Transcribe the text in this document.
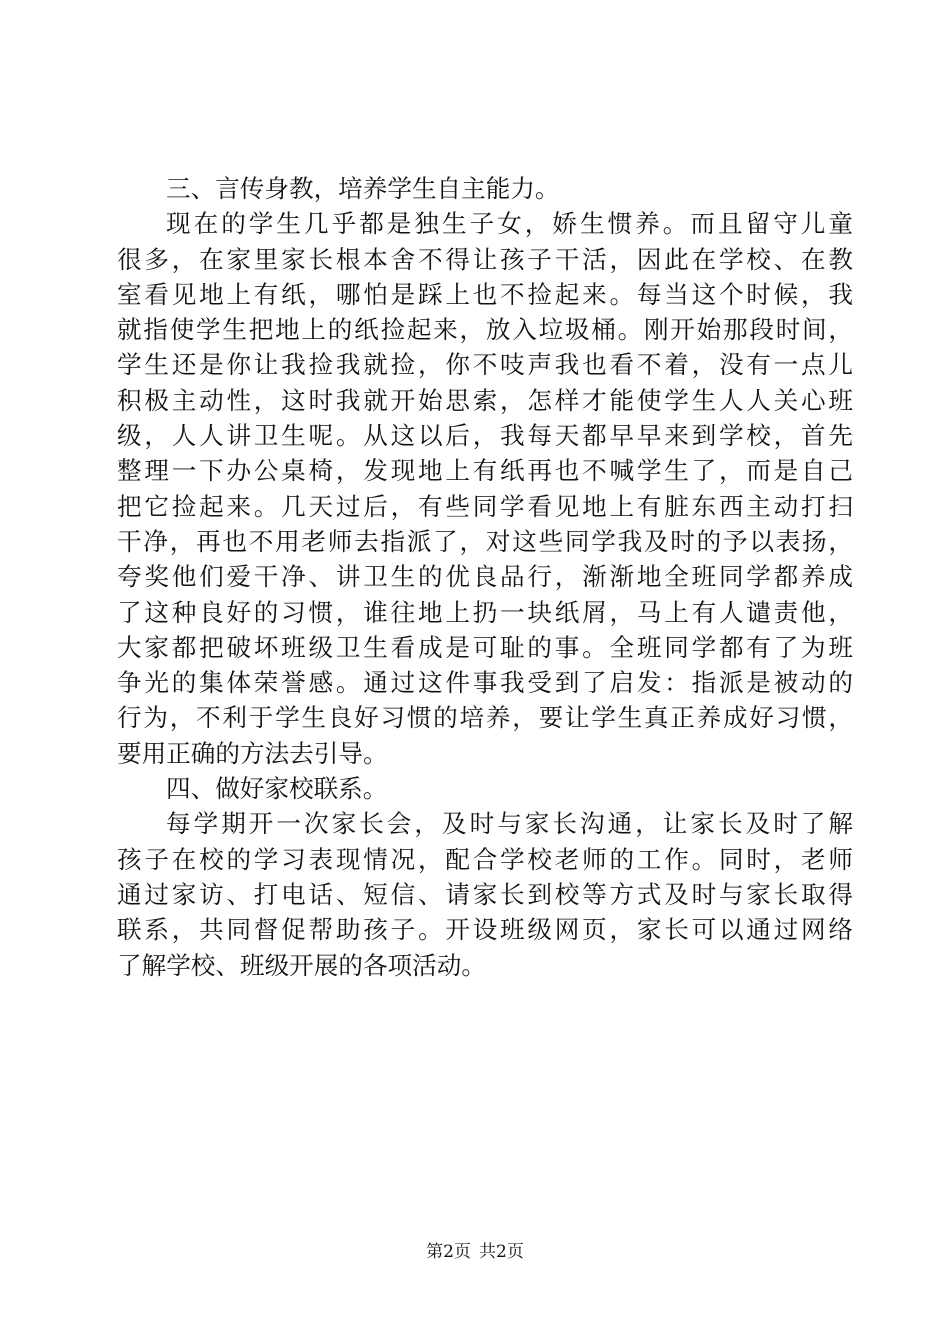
三、言传身教，培养学生自主能力。
现在的学生几乎都是独生子女，娇生惯养。而且留守儿童
很多，在家里家长根本舍不得让孩子干活，因此在学校、在教
室看见地上有纸，哪怕是踩上也不捡起来。每当这个时候，我
就指使学生把地上的纸捡起来，放入垃圾桶。刚开始那段时间，
学生还是你让我捡我就捡，你不吱声我也看不着，没有一点儿
积极主动性，这时我就开始思索，怎样才能使学生人人关心班
级，人人讲卫生呢。从这以后，我每天都早早来到学校，首先
整理一下办公桌椅，发现地上有纸再也不喊学生了，而是自己
把它捡起来。几天过后，有些同学看见地上有脏东西主动打扫
干净，再也不用老师去指派了，对这些同学我及时的予以表扬，
夸奖他们爱干净、讲卫生的优良品行，渐渐地全班同学都养成
了这种良好的习惯，谁往地上扔一块纸屑，马上有人谴责他，
大家都把破坏班级卫生看成是可耻的事。全班同学都有了为班
争光的集体荣誉感。通过这件事我受到了启发：指派是被动的
行为，不利于学生良好习惯的培养，要让学生真正养成好习惯，
要用正确的方法去引导。
四、做好家校联系。
每学期开一次家长会，及时与家长沟通，让家长及时了解
孩子在校的学习表现情况，配合学校老师的工作。同时，老师
通过家访、打电话、短信、请家长到校等方式及时与家长取得
联系，共同督促帮助孩子。开设班级网页，家长可以通过网络
了解学校、班级开展的各项活动。
第2页 共2页
